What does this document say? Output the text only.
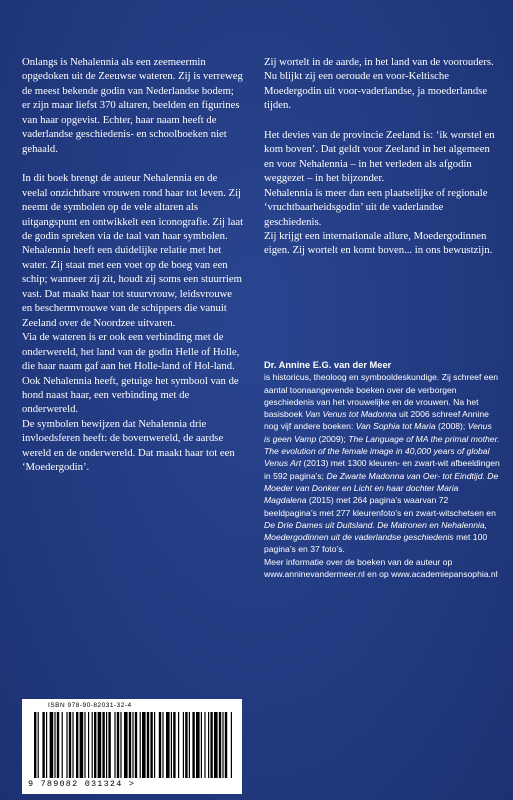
Onlangs is Nehalennia als een zeemeermin opgedoken uit de Zeeuwse wateren. Zij is verreweg de meest bekende godin van Nederlandse bodem; er zijn maar liefst 370 altaren, beelden en figurines van haar opgevist. Echter, haar naam heeft de vaderlandse geschiedenis- en schoolboeken niet gehaald.

In dit boek brengt de auteur Nehalennia en de veelal onzichtbare vrouwen rond haar tot leven. Zij neemt de symbolen op de vele altaren als uitgangspunt en ontwikkelt een iconografie. Zij laat de godin spreken via de taal van haar symbolen.

Nehalennia heeft een duidelijke relatie met het water. Zij staat met een voet op de boeg van een schip; wanneer zij zit, houdt zij soms een stuurriem vast. Dat maakt haar tot stuurvrouw, leidsvrouwe en beschermvrouwe van de schippers die vanuit Zeeland over de Noordzee uitvaren.

Via de wateren is er ook een verbinding met de onderwereld, het land van de godin Helle of Holle, die haar naam gaf aan het Holle-land of Hol-land.

Ook Nehalennia heeft, getuige het symbool van de hond naast haar, een verbinding met de onderwereld.

De symbolen bewijzen dat Nehalennia drie invloedsferen heeft: de bovenwereld, de aardse wereld en de onderwereld. Dat maakt haar tot een ‘Moedergodin’.

Zij wortelt in de aarde, in het land van de voorouders. Nu blijkt zij een oeroude en voor-Keltische Moedergodin uit voor-vaderlandse, ja moederlandse tijden.

Het devies van de provincie Zeeland is: ‘ik worstel en kom boven’. Dat geldt voor Zeeland in het algemeen en voor Nehalennia – in het verleden als afgodin weggezet – in het bijzonder.

Nehalennia is meer dan een plaatselijke of regionale ‘vruchtbaarheidsgodin’ uit de vaderlandse geschiedenis.

Zij krijgt een internationale allure, Moedergodinnen eigen. Zij wortelt en komt boven... in ons bewustzijn.

Dr. Annine E.G. van der Meer
is historicus, theoloog en symbooldeskundige. Zij schreef een aantal toonaangevende boeken over de verborgen geschiedenis van het vrouwelijke en de vrouwen. Na het basisboek Van Venus tot Madonna uit 2006 schreef Annine nog vijf andere boeken: Van Sophia tot Maria (2008); Venus is geen Vamp (2009); The Language of MA the primal mother. The evolution of the female image in 40,000 years of global Venus Art (2013) met 1300 kleuren- en zwart-wit afbeeldingen in 592 pagina’s; De Zwarte Madonna van Oer- tot Eindtijd. De Moeder van Donker en Licht en haar dochter Maria Magdalena (2015) met 264 pagina’s waarvan 72 beeldpagina’s met 277 kleurenfoto’s en zwart-witschetsen en De Drie Dames uit Duitsland. De Matronen en Nehalennia, Moedergodinnen uit de vaderlandse geschiedenis met 100 pagina’s en 37 foto’s.
Meer informatie over de boeken van de auteur op www.anninevandermeer.nl en op www.academiepansophia.nl
ISBN 978-90-82031-32-4
9 789082 031324 >
